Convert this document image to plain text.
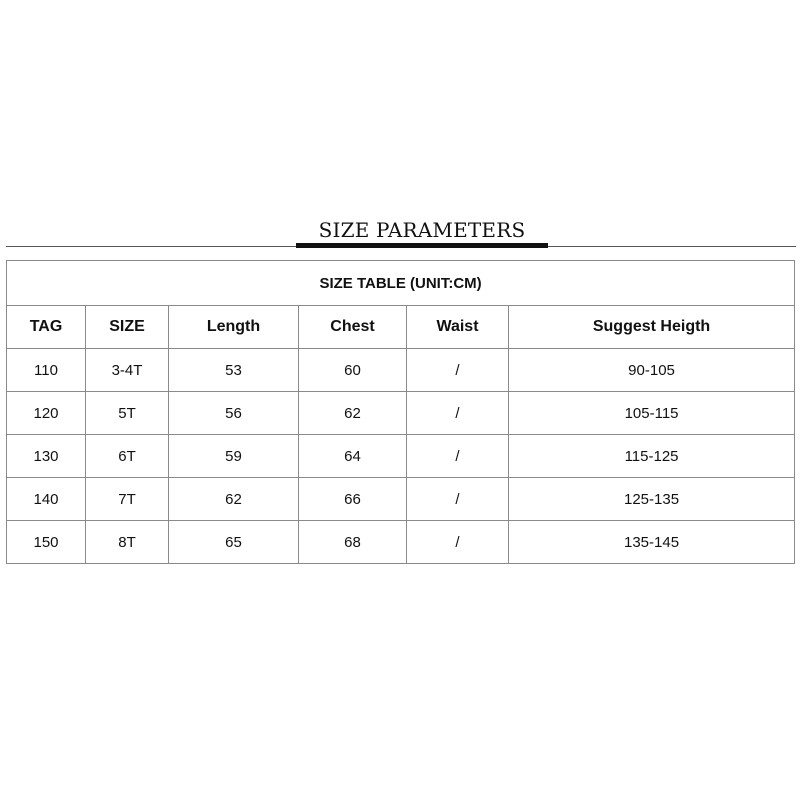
SIZE PARAMETERS
SIZE TABLE (UNIT:CM)					
TAG	SIZE	Length	Chest	Waist	Suggest Heigth
110	3-4T	53	60	/	90-105
120	5T	56	62	/	105-115
130	6T	59	64	/	115-125
140	7T	62	66	/	125-135
150	8T	65	68	/	135-145
